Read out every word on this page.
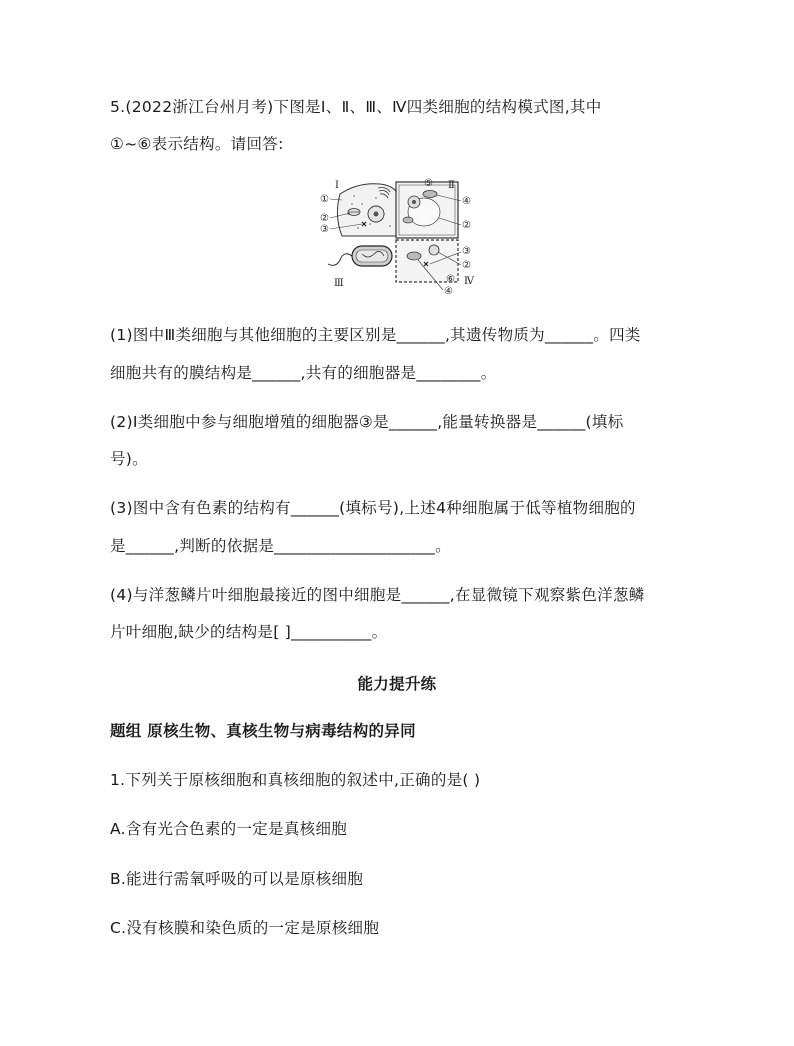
5.(2022浙江台州月考)下图是Ⅰ、Ⅱ、Ⅲ、Ⅳ四类细胞的结构模式图,其中
①~⑥表示结构。请回答:
Ⅰ
①
②
③
⑤ Ⅱ
④
②
Ⅲ
③
②
⑥ Ⅳ
④
(1)图中Ⅲ类细胞与其他细胞的主要区别是______,其遗传物质为______。四类
细胞共有的膜结构是______,共有的细胞器是________。
(2)Ⅰ类细胞中参与细胞增殖的细胞器③是______,能量转换器是______(填标
号)。
(3)图中含有色素的结构有______(填标号),上述4种细胞属于低等植物细胞的
是______,判断的依据是____________________。
(4)与洋葱鳞片叶细胞最接近的图中细胞是______,在显微镜下观察紫色洋葱鳞
片叶细胞,缺少的结构是[ ]__________。
能力提升练
题组 原核生物、真核生物与病毒结构的异同
1.下列关于原核细胞和真核细胞的叙述中,正确的是( )
A.含有光合色素的一定是真核细胞
B.能进行需氧呼吸的可以是原核细胞
C.没有核膜和染色质的一定是原核细胞
